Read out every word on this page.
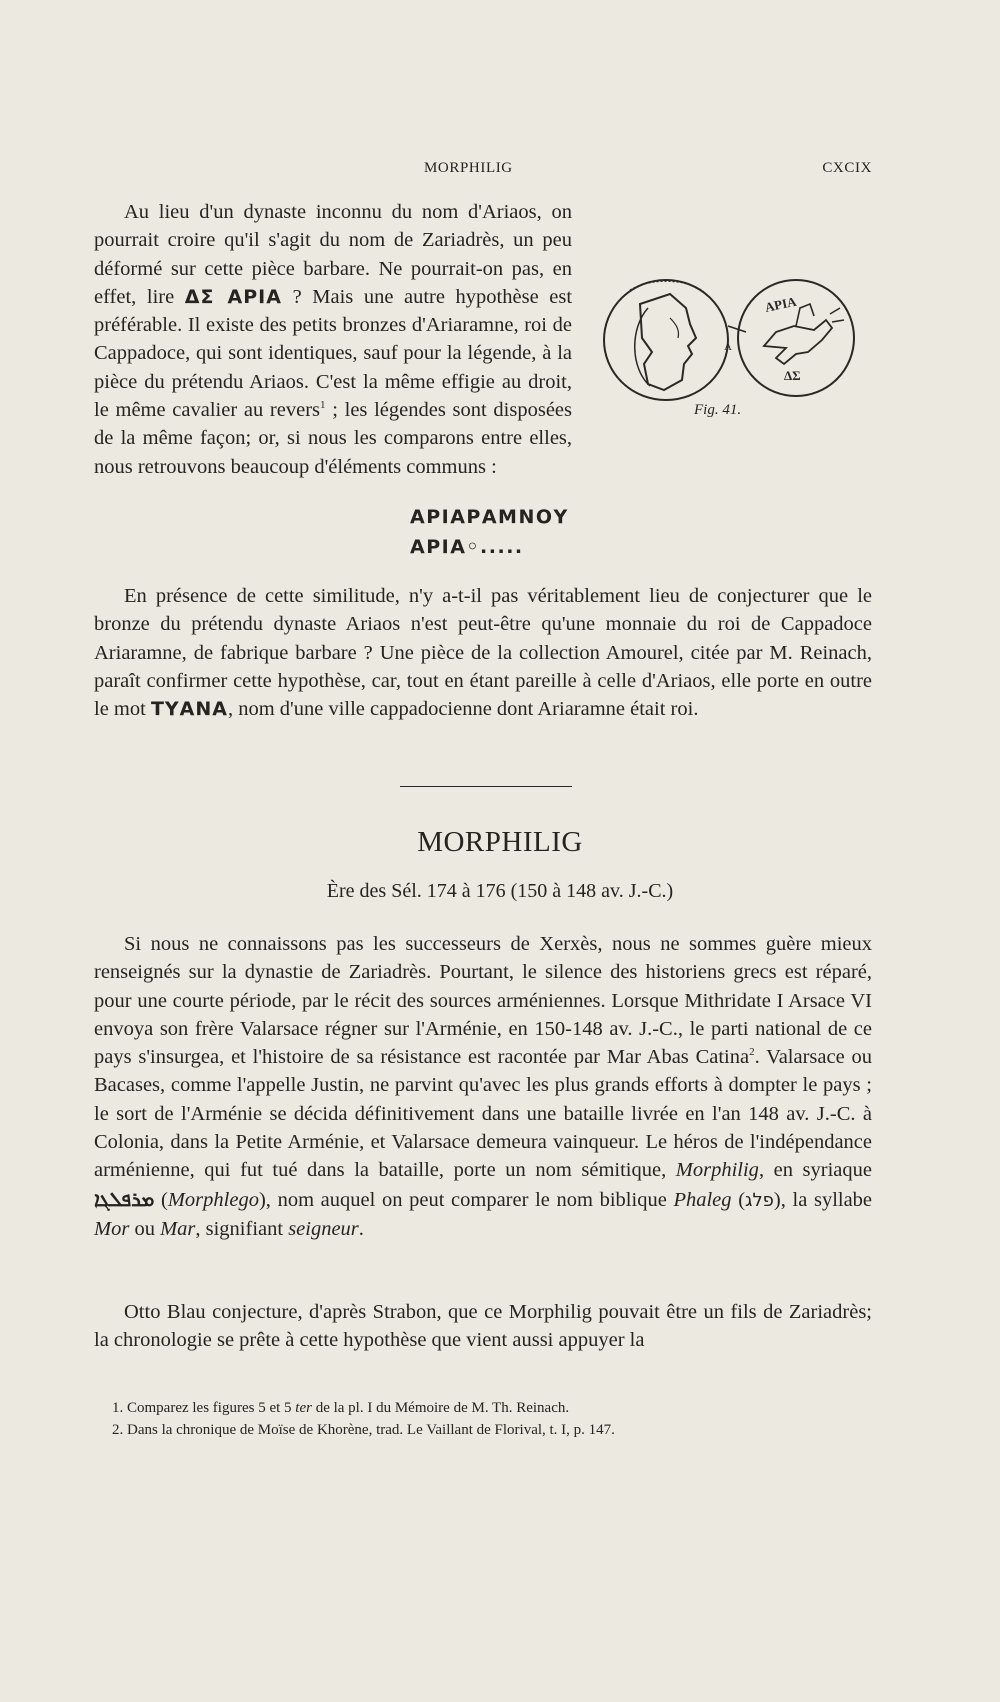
MORPHILIG	CXCIX

Au lieu d'un dynaste inconnu du nom d'Ariaos, on pourrait croire qu'il s'agit du nom de Zariadrès, un peu déformé sur cette pièce barbare. Ne pourrait-on pas, en effet, lire ΔΣ ΑΡΙΑ ? Mais une autre hypothèse est préférable. Il existe des petits bronzes d'Ariaramne, roi de Cappadoce, qui sont identiques, sauf pour la légende, à la pièce du prétendu Ariaos. C'est la même effigie au droit, le même cavalier au revers$^1$ ; les légendes sont disposées de la même façon; or, si nous les comparons entre elles, nous retrouvons beaucoup d'éléments communs :

Α
ΑΡΙΑ
ΔΣ
Fig. 41.
ΑΡΙΑΡΑΜΝΟΥ
ΑΡΙΑ◦.....

En présence de cette similitude, n'y a-t-il pas véritablement lieu de conjecturer que le bronze du prétendu dynaste Ariaos n'est peut-être qu'une monnaie du roi de Cappadoce Ariaramne, de fabrique barbare ? Une pièce de la collection Amourel, citée par M. Reinach, paraît confirmer cette hypothèse, car, tout en étant pareille à celle d'Ariaos, elle porte en outre le mot ΤΥΑΝΑ, nom d'une ville cappadocienne dont Ariaramne était roi.

MORPHILIG
Ère des Sél. 174 à 176 (150 à 148 av. J.-C.)

Si nous ne connaissons pas les successeurs de Xerxès, nous ne sommes guère mieux renseignés sur la dynastie de Zariadrès. Pourtant, le silence des historiens grecs est réparé, pour une courte période, par le récit des sources arméniennes. Lorsque Mithridate I Arsace VI envoya son frère Valarsace régner sur l'Arménie, en 150-148 av. J.-C., le parti national de ce pays s'insurgea, et l'histoire de sa résistance est racontée par Mar Abas Catina$^2$. Valarsace ou Bacases, comme l'appelle Justin, ne parvint qu'avec les plus grands efforts à dompter le pays ; le sort de l'Arménie se décida définitivement dans une bataille livrée en l'an 148 av. J.-C. à Colonia, dans la Petite Arménie, et Valarsace demeura vainqueur. Le héros de l'indépendance arménienne, qui fut tué dans la bataille, porte un nom sémitique, Morphilig, en syriaque ܡܪܦܠܓܐ (Morphlego), nom auquel on peut comparer le nom biblique Phaleg (פלג), la syllabe Mor ou Mar, signifiant seigneur.

Otto Blau conjecture, d'après Strabon, que ce Morphilig pouvait être un fils de Zariadrès; la chronologie se prête à cette hypothèse que vient aussi appuyer la

1. Comparez les figures 5 et 5 ter de la pl. I du Mémoire de M. Th. Reinach.
2. Dans la chronique de Moïse de Khorène, trad. Le Vaillant de Florival, t. I, p. 147.
